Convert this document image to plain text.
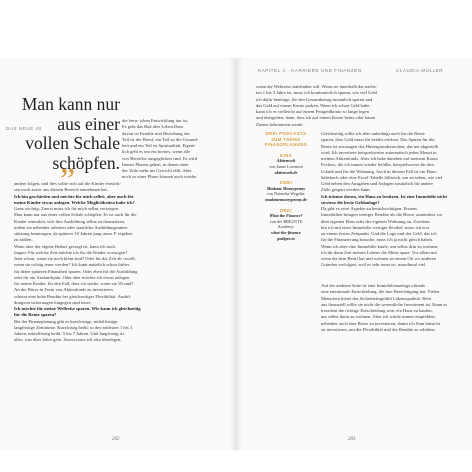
DAS NEUE 40
KAPITEL 4 · KARRIERE UND FINANZEN	CLAUDIA MÜLLER
Man kann nur
aus einer
vollen Schale
schöpfen.
”
der beru- ichen Entwicklung tun ist.
Es geht das Bad idee Leben.Dam
davon ist Familie und Beziehung ein
Teil ist der Beruf, ein Teil ist die Gesund-
heit und ein Teil ist Spiritualität. Eigent-
lich geht es um ein breites, wenn alle
vier Bereiche ausgeglichen sind. Es wird
Immer Phasen geben, in denen einer
der Teile mehr ins Gewicht fällt. Aber
noch so einer Phase können auch wieder
andere folgen, und dies sollte sich auf die Kinder einwirk-
sen noch zuvor aus diesem Bereich entnehmen hat.
Ich bin geschieden und möchte für mich selbst, aber auch für
meine Kinder etwas anlegen. Welche Möglichkeiten habe ich?
Ganz wichtig: Zuerst muss ich für mich selbst vorsorgen.
Man kann nur aus einer vollen Schale schöpfen. Es ist auch für die
Kinder zentralen, sich ihre Ausbildung selbst zu finanzieren,
indem sie nebenher arbeiten oder staatliche Ausbildungsunter-
stützung beantragen, da späterer 10 Jahren jung unser F. ergeben
zu zahlen.
Wenn aber der eigene Bedarf gesorgt ist, kann ich noch
fragen: Für welche Zeit möchte ich für die Kinder vorsorgen?
Jetzt schon, wenn sie noch klein sind? Oder für die Zeit ab -zwölf,
wenn sie richtig teuer werden? Ich kann natürlich schon früher
für deine späteren Finanzbeit sparen. Oder eben für die Ausbildung
oder für ein Auslandsjahr. Oder aber möchte ich etwas anlegen
für meine Kinder, für den Fall, dass ich sterbe, wenn sie 18 sind?
An der Börse in Form von Aktienfonds zu investieren
scheint eine hohe Rendite bei gleichzeitiger Flexibilität. Ausbil-
dungsversicherungen hingegen sind teuer.
Ich möchte für meine Wellreise sparen. Wie kann ich gleichzeitig
für die Rente sparen?
Bei der Finanzplanung gibt es kurzfristige, mittelfristige,
langfristige Zeiträume. Kurzfristig heißt: in den nächsten 1 bis 3
Jahren, mittelfristig heißt: 5 bis 7 Jahren. Und langfristig ist
alles, was über Jahre geht. Zuerst muss ich also überlegen,
202
wann die Weltreise stattfinden soll. Wenn sie innerhalb der nächs-
ten 1 bis 3 Jahre ist, muss ich kontinuierlich sparen, wie viel Geld
ich dafür benötige, für den Gesamtbetrag monatlich sparen und
das Geld auf einem Konto parken. Wenn ich schon Geld habe,
kann ich es vielleicht auf einem Festgeldkonto so lange legen
und übergehen, dann, dass ich auf einem Konto keine oder kaum
Zinsen bekommen werde.
DREI PODCASTS
ZUM THEMA
FINANZPLANUNG
EINS
Aktienwelt
von Janne Lorenzen
aktienwelt.de
ZWEI
Madame Moneypenny
von Natascha Wegelin:
madamemoneypenny.de
DREI
What the Finance?
von der BRIGITTE
Academy.
what-the-finance
podigee.io
Gleichzeitig sollte ich aber unbedingt auch für die Rente
sparen, dass Geld muss für beides reichen. Das Sparen für die
Rente ist sozusagen das Hintergrundrauschen, das nie abgestellt
wird. Ich investiere beispielsweise automatisch jeden Monat in
meinen Aktienfonds. Aber ich habe daneben auf meinem Konto
Pockets, die ich immer wieder befülle, beispielsweise für den
Urlaub und für die Wohnung. Auch in diesem Fall ist ein Haus-
haltsbuch oder eine Excel-Tabelle hilfreich, um zu sehen, wie viel
Geld neben den Ausgaben und Anlagen zusätzlich für andere
Ziele gespart werden kann.
Ich träume davon, ein Haus zu besitzen. Ist eine Immobilie nicht
sowieso die beste Geldanlage?
Da gibt es zwei Aspekte zu berücksichtigen: Erstens
Immobilien bringen weniger Rendite als die Börse, zumindest vor
dem eigenen Haus oder der eigenen Wohnung an. Zweitens
bin ich mit einer Immobilie weniger flexibel, muss ich erst
zu einem festen Zeitpunkt. Und die Lage und das Geld, das ich
für die Finanzierung brauche, muss ich ja nicht gleich haben.
Wenn ich aber eine Immobilie kaufe, um selbst drin zu wohnen,
ich dir dann Zeit meines Lebens die Miete spare. Vor allem mit
wenn dir dein Beruf hat und wohnen an einem Ort wo anderen
Gründen verfolgen, weil es sehr teuer ist, manchmal viel.
Auf der anderen Seite ist eine Immobilienanlage oftmals
eine emotionale Entscheidung, die ihre Berechtigung hat. Vielen
Menschen bietet das Sicherheitsgefühl Lebensqualität. Rein
aus finanziell sollte sie nicht die wesentliche Investment ist. Kann es
trotzdem die richtige Entscheidung sein, ein Haus zu kaufen,
um selbst darin zu wohnen. Aber ich würde immer empfehlen,
nebenher auch eine Börse zu investieren, damit ich Sinn hinsicht
zu investieren, um die Flexibilität und die Rendite zu erhöhen.
203
